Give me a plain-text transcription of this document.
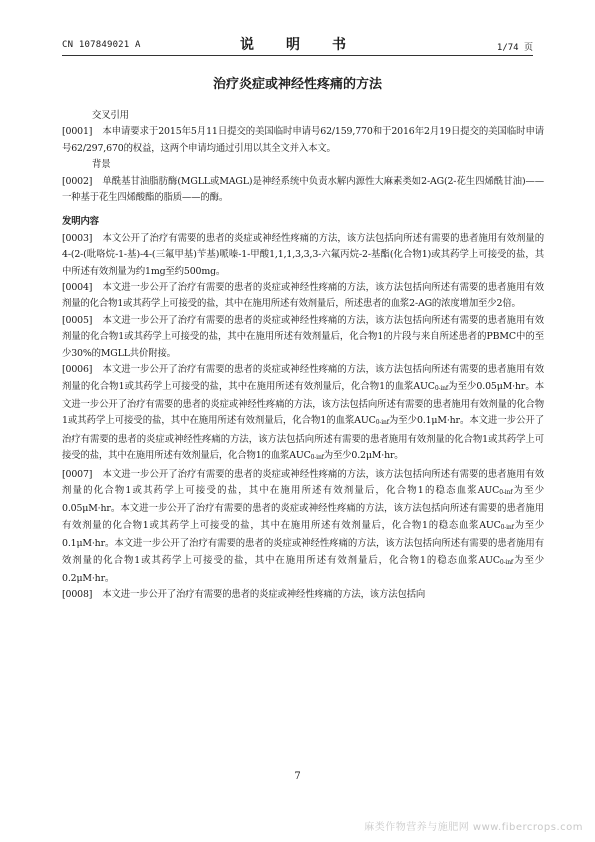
CN 107849021 A	说　明　书	1/74 页
治疗炎症或神经性疼痛的方法

交叉引用

[0001] 本申请要求于2015年5月11日提交的美国临时申请号62/159,770和于2016年2月19日提交的美国临时申请号62/297,670的权益，这两个申请均通过引用以其全文并入本文。

背景

[0002] 单酰基甘油脂肪酶(MGLL或MAGL)是神经系统中负责水解内源性大麻素类如2-AG(2-花生四烯酰甘油)——一种基于花生四烯酸酯的脂质——的酶。

发明内容

[0003] 本文公开了治疗有需要的患者的炎症或神经性疼痛的方法，该方法包括向所述有需要的患者施用有效剂量的4-(2-(吡咯烷-1-基)-4-(三氟甲基)苄基)哌嗪-1-甲酸1,1,1,3,3,3-六氟丙烷-2-基酯(化合物1)或其药学上可接受的盐，其中所述有效剂量为约1mg至约500mg。

[0004] 本文进一步公开了治疗有需要的患者的炎症或神经性疼痛的方法，该方法包括向所述有需要的患者施用有效剂量的化合物1或其药学上可接受的盐，其中在施用所述有效剂量后，所述患者的血浆2-AG的浓度增加至少2倍。

[0005] 本文进一步公开了治疗有需要的患者的炎症或神经性疼痛的方法，该方法包括向所述有需要的患者施用有效剂量的化合物1或其药学上可接受的盐，其中在施用所述有效剂量后，化合物1的片段与来自所述患者的PBMC中的至少30%的MGLL共价附接。

[0006] 本文进一步公开了治疗有需要的患者的炎症或神经性疼痛的方法，该方法包括向所述有需要的患者施用有效剂量的化合物1或其药学上可接受的盐，其中在施用所述有效剂量后，化合物1的血浆AUC0-inf为至少0.05μM·hr。本文进一步公开了治疗有需要的患者的炎症或神经性疼痛的方法，该方法包括向所述有需要的患者施用有效剂量的化合物1或其药学上可接受的盐，其中在施用所述有效剂量后，化合物1的血浆AUC0-inf为至少0.1μM·hr。本文进一步公开了治疗有需要的患者的炎症或神经性疼痛的方法，该方法包括向所述有需要的患者施用有效剂量的化合物1或其药学上可接受的盐，其中在施用所述有效剂量后，化合物1的血浆AUC0-inf为至少0.2μM·hr。

[0007] 本文进一步公开了治疗有需要的患者的炎症或神经性疼痛的方法，该方法包括向所述有需要的患者施用有效剂量的化合物1或其药学上可接受的盐，其中在施用所述有效剂量后，化合物1的稳态血浆AUC0-inf为至少0.05μM·hr。本文进一步公开了治疗有需要的患者的炎症或神经性疼痛的方法，该方法包括向所述有需要的患者施用有效剂量的化合物1或其药学上可接受的盐，其中在施用所述有效剂量后，化合物1的稳态血浆AUC0-inf为至少0.1μM·hr。本文进一步公开了治疗有需要的患者的炎症或神经性疼痛的方法，该方法包括向所述有需要的患者施用有效剂量的化合物1或其药学上可接受的盐，其中在施用所述有效剂量后，化合物1的稳态血浆AUC0-inf为至少0.2μM·hr。

[0008] 本文进一步公开了治疗有需要的患者的炎症或神经性疼痛的方法，该方法包括向

7
麻类作物营养与施肥网 www.fibercrops.com
